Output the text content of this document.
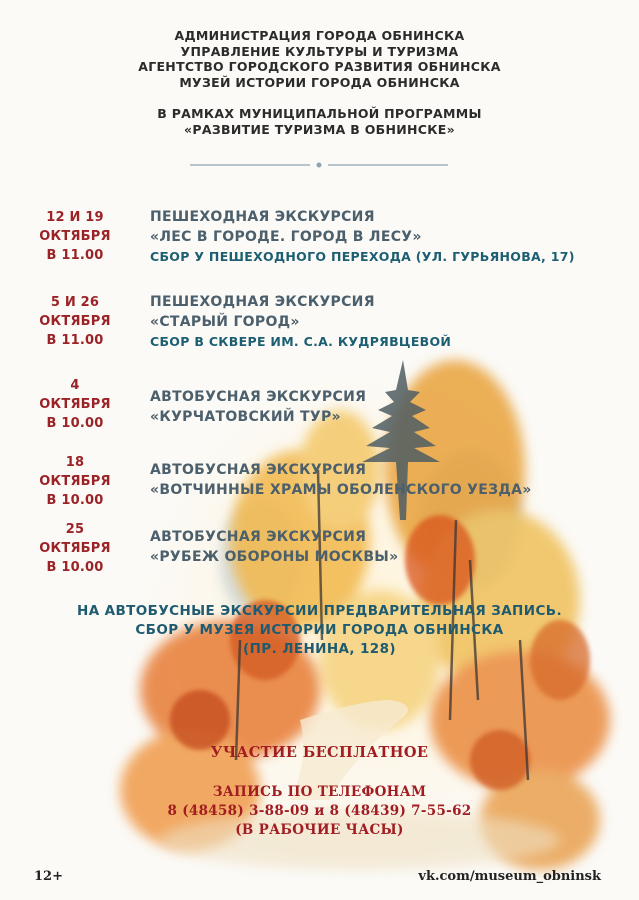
АДМИНИСТРАЦИЯ ГОРОДА ОБНИНСКА
УПРАВЛЕНИЕ КУЛЬТУРЫ И ТУРИЗМА
АГЕНТСТВО ГОРОДСКОГО РАЗВИТИЯ ОБНИНСКА
МУЗЕЙ ИСТОРИИ ГОРОДА ОБНИНСКА
В РАМКАХ МУНИЦИПАЛЬНОЙ ПРОГРАММЫ
«РАЗВИТИЕ ТУРИЗМА В ОБНИНСКЕ»
12 И 19
ОКТЯБРЯ
В 11.00
ПЕШЕХОДНАЯ ЭКСКУРСИЯ
«ЛЕС В ГОРОДЕ. ГОРОД В ЛЕСУ»
СБОР У ПЕШЕХОДНОГО ПЕРЕХОДА (УЛ. ГУРЬЯНОВА, 17)
5 И 26
ОКТЯБРЯ
В 11.00
ПЕШЕХОДНАЯ ЭКСКУРСИЯ
«СТАРЫЙ ГОРОД»
СБОР В СКВЕРЕ ИМ. С.А. КУДРЯВЦЕВОЙ
4
ОКТЯБРЯ
В 10.00
АВТОБУСНАЯ ЭКСКУРСИЯ
«КУРЧАТОВСКИЙ ТУР»
18
ОКТЯБРЯ
В 10.00
АВТОБУСНАЯ ЭКСКУРСИЯ
«ВОТЧИННЫЕ ХРАМЫ ОБОЛЕНСКОГО УЕЗДА»
25
ОКТЯБРЯ
В 10.00
АВТОБУСНАЯ ЭКСКУРСИЯ
«РУБЕЖ ОБОРОНЫ МОСКВЫ»
НА АВТОБУСНЫЕ ЭКСКУРСИИ ПРЕДВАРИТЕЛЬНАЯ ЗАПИСЬ.
СБОР У МУЗЕЯ ИСТОРИИ ГОРОДА ОБНИНСКА
(ПР. ЛЕНИНА, 128)
УЧАСТИЕ БЕСПЛАТНОЕ
ЗАПИСЬ ПО ТЕЛЕФОНАМ
8 (48458) 3-88-09 и 8 (48439) 7-55-62
(В РАБОЧИЕ ЧАСЫ)
12+	vk.com/museum_obninsk
